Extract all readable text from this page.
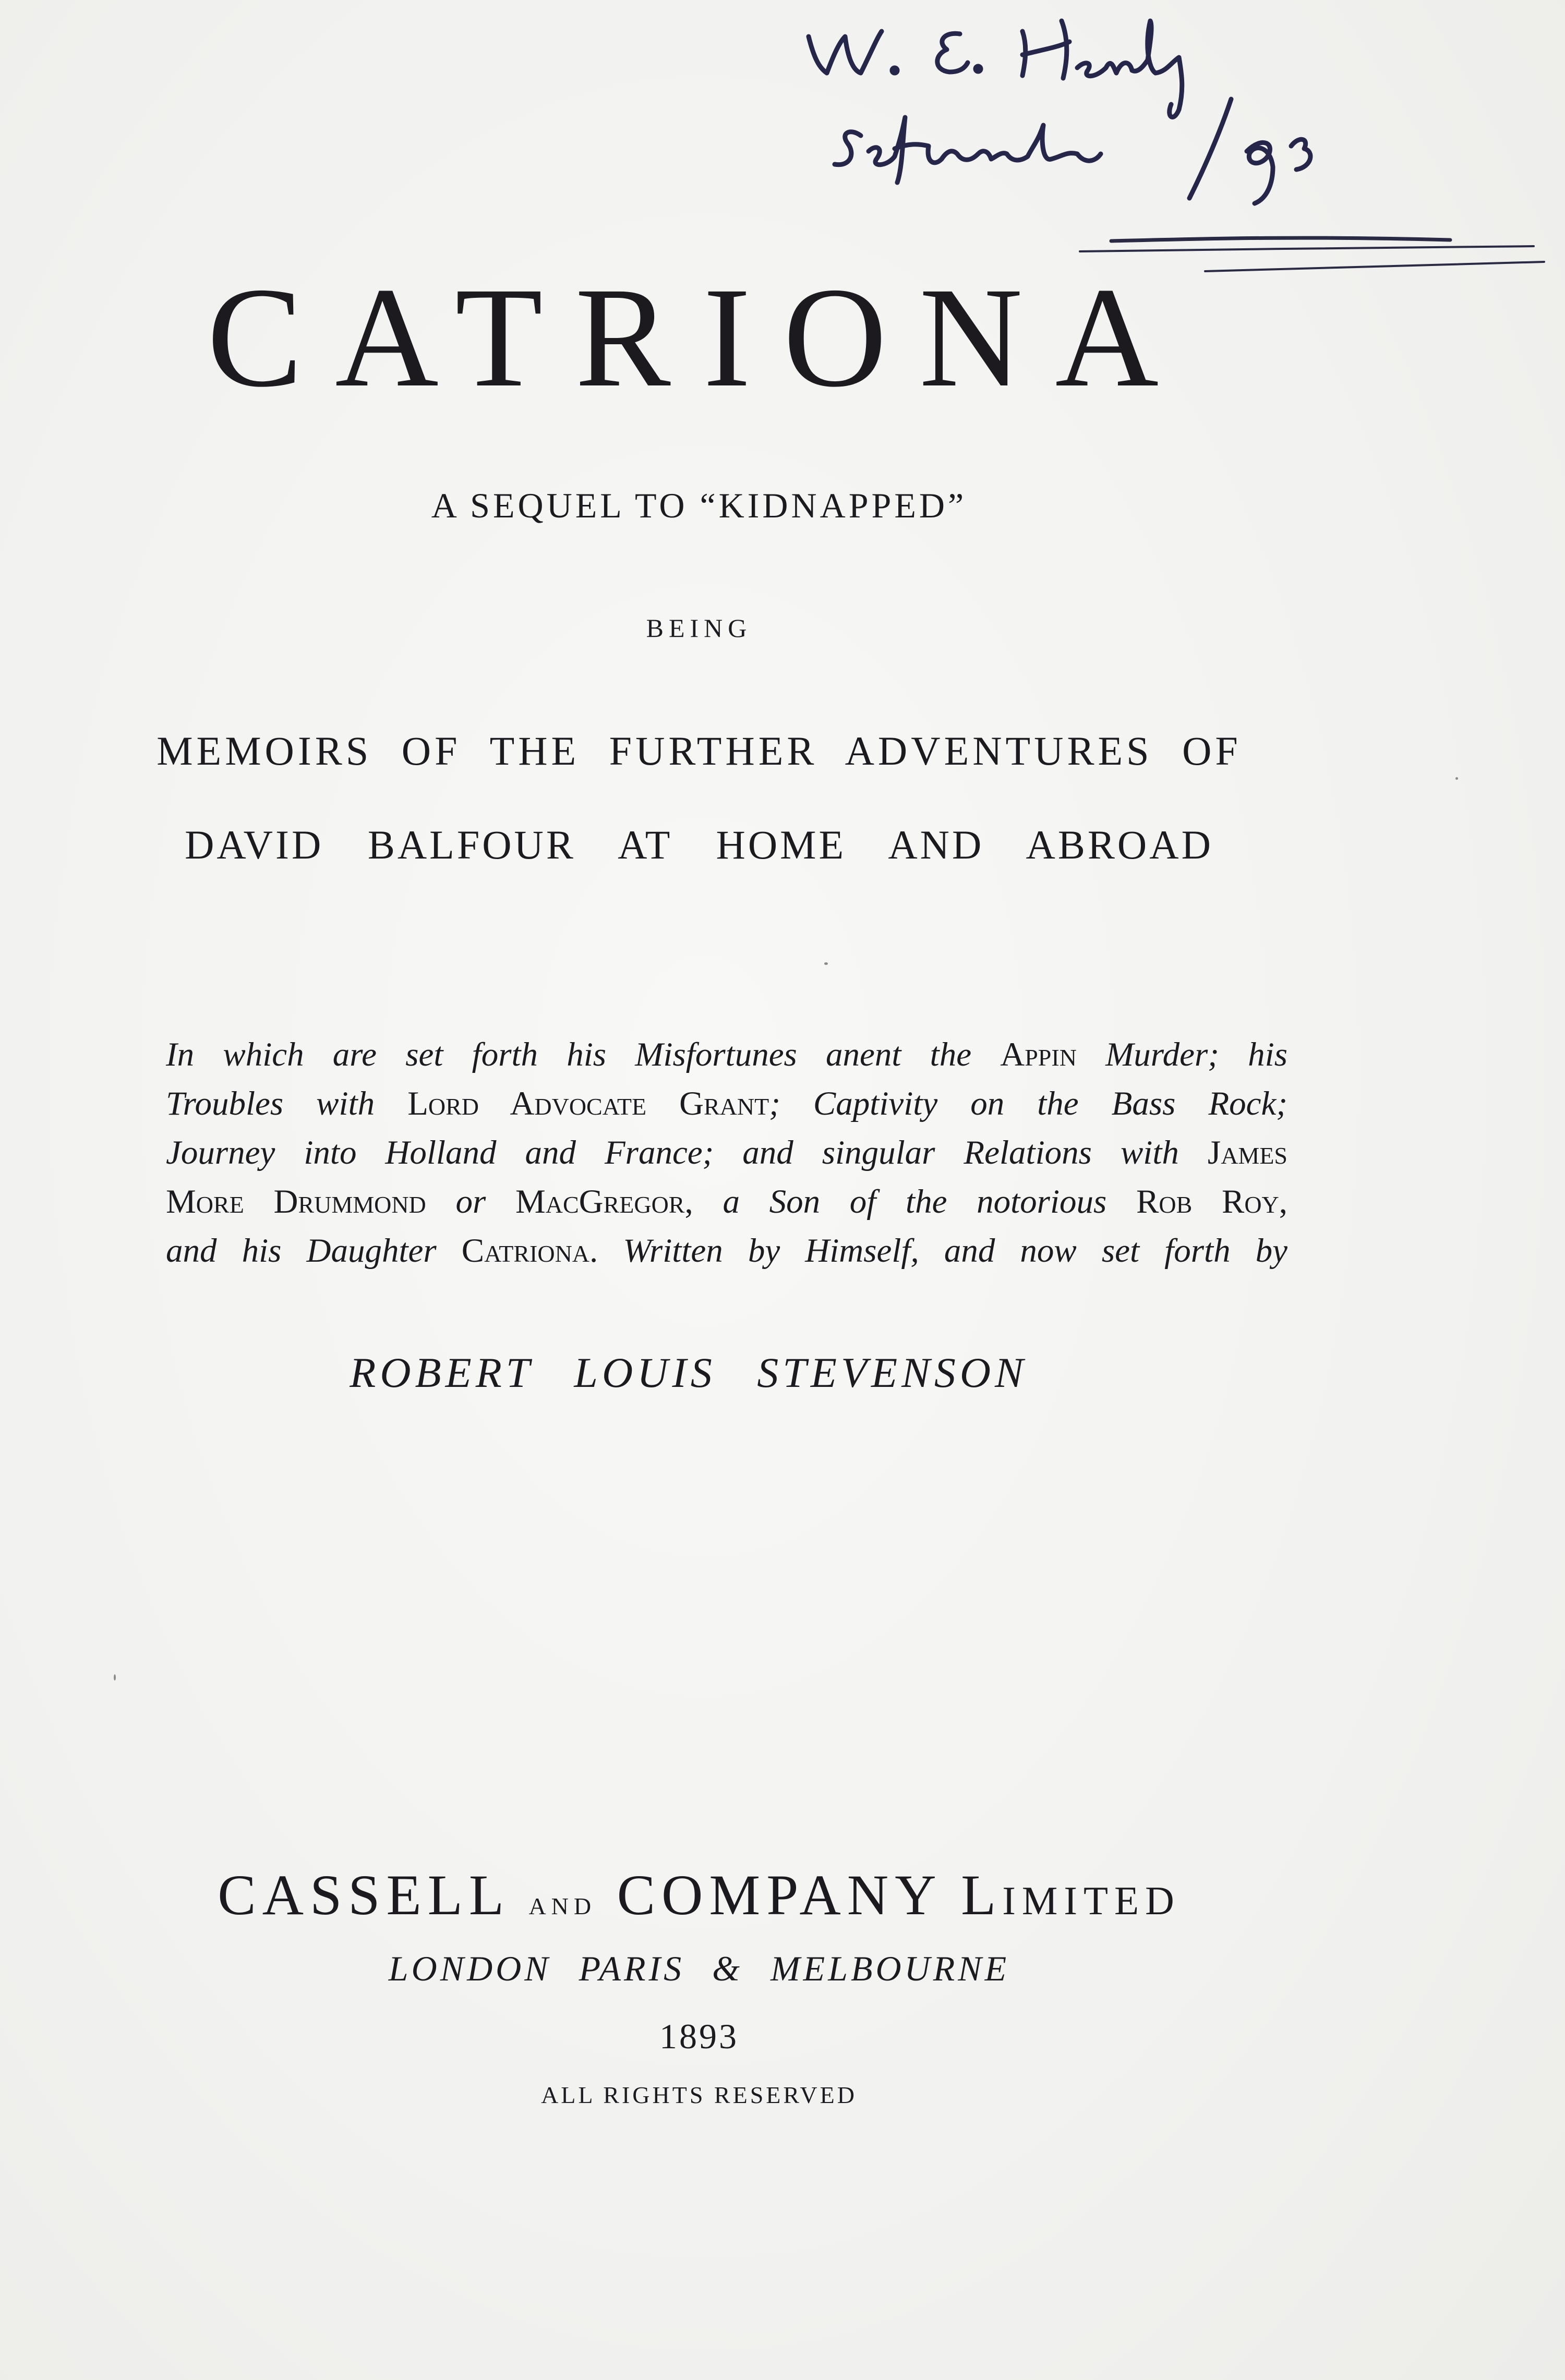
CATRIONA
A SEQUEL TO “KIDNAPPED”
BEING
MEMOIRS OF THE FURTHER ADVENTURES OF
DAVID BALFOUR AT HOME AND ABROAD
In which are set forth his Misfortunes anent the Appin Murder; his
Troubles with Lord Advocate Grant; Captivity on the Bass Rock;
Journey into Holland and France; and singular Relations with James
More Drummond or MacGregor, a Son of the notorious Rob Roy,
and his Daughter Catriona. Written by Himself, and now set forth by
ROBERT LOUIS STEVENSON
CASSELL and COMPANY Limited
LONDON PARIS & MELBOURNE
1893
ALL RIGHTS RESERVED
